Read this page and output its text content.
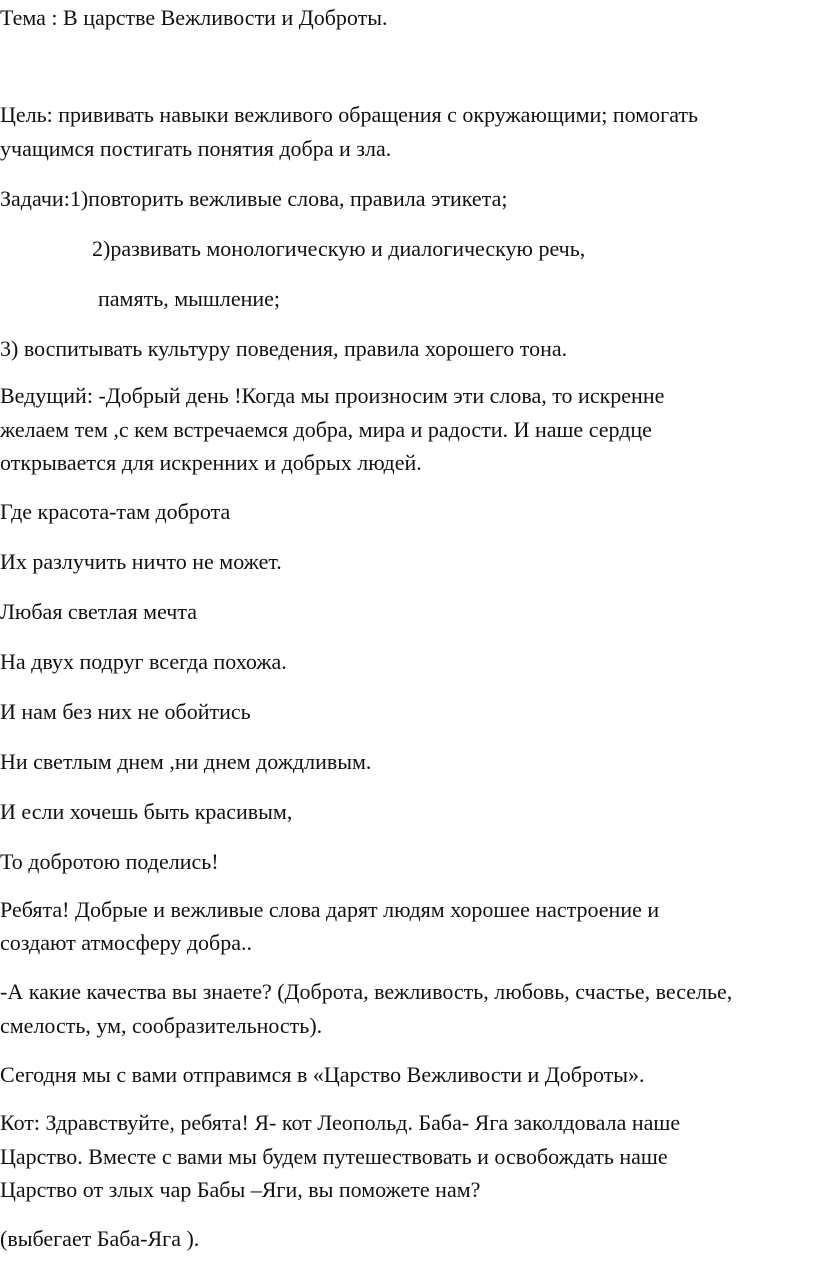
Тема : В царстве Вежливости и Доброты.

Цель: прививать навыки вежливого обращения с окружающими; помогать

учащимся постигать понятия добра и зла.

Задачи:1)повторить вежливые слова, правила этикета;

2)развивать монологическую и диалогическую речь,

память, мышление;

3) воспитывать культуру поведения, правила хорошего тона.

Ведущий: -Добрый день !Когда мы произносим эти слова, то искренне

желаем тем ,с кем встречаемся добра, мира и радости. И наше сердце

открывается для искренних и добрых людей.

Где красота-там доброта

Их разлучить ничто не может.

Любая светлая мечта

На двух подруг всегда похожа.

И нам без них не обойтись

Ни светлым днем ,ни днем дождливым.

И если хочешь быть красивым,

То добротою поделись!

Ребята! Добрые и вежливые слова дарят людям хорошее настроение и

создают атмосферу добра..

-А какие качества вы знаете? (Доброта, вежливость, любовь, счастье, веселье,

смелость, ум, сообразительность).

Сегодня мы с вами отправимся в «Царство Вежливости и Доброты».

Кот: Здравствуйте, ребята! Я- кот Леопольд. Баба- Яга заколдовала наше

Царство. Вместе с вами мы будем путешествовать и освобождать наше

Царство от злых чар Бабы –Яги, вы поможете нам?

(выбегает Баба-Яга ).
